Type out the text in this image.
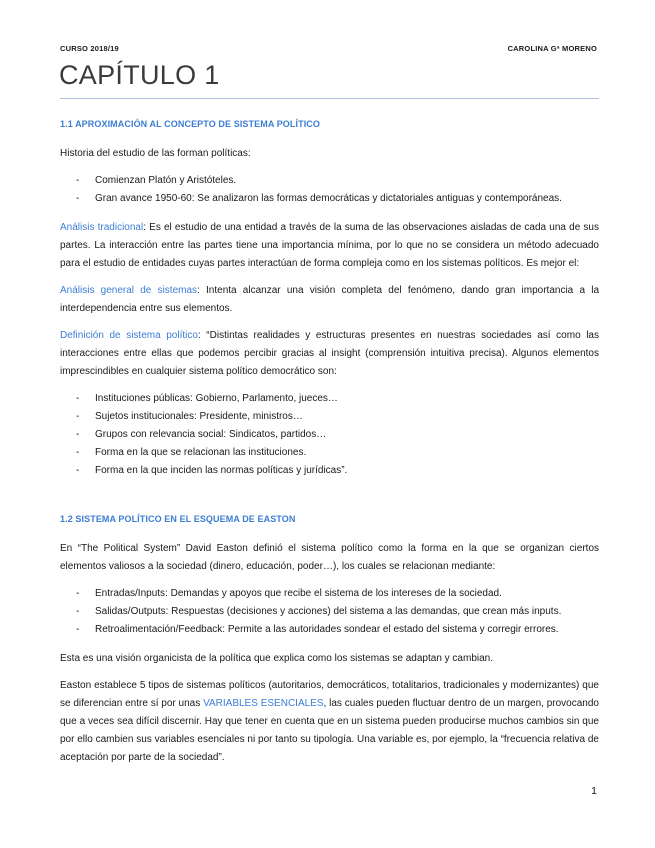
CURSO 2018/19	CAROLINA Gª MORENO
CAPÍTULO 1
1.1 APROXIMACIÓN AL CONCEPTO DE SISTEMA POLÍTICO

Historia del estudio de las forman políticas:

- Comienzan Platón y Aristóteles.
- Gran avance 1950-60: Se analizaron las formas democráticas y dictatoriales antiguas y contemporáneas.

Análisis tradicional: Es el estudio de una entidad a través de la suma de las observaciones aisladas de cada una de sus partes. La interacción entre las partes tiene una importancia mínima, por lo que no se considera un método adecuado para el estudio de entidades cuyas partes interactúan de forma compleja como en los sistemas políticos. Es mejor el:

Análisis general de sistemas: Intenta alcanzar una visión completa del fenómeno, dando gran importancia a la interdependencia entre sus elementos.

Definición de sistema político: “Distintas realidades y estructuras presentes en nuestras sociedades así como las interacciones entre ellas que podemos percibir gracias al insight (comprensión intuitiva precisa). Algunos elementos imprescindibles en cualquier sistema político democrático son:

- Instituciones públicas: Gobierno, Parlamento, jueces…
- Sujetos institucionales: Presidente, ministros…
- Grupos con relevancia social: Sindicatos, partidos…
- Forma en la que se relacionan las instituciones.
- Forma en la que inciden las normas políticas y jurídicas”.
1.2 SISTEMA POLÍTICO EN EL ESQUEMA DE EASTON

En “The Political System” David Easton definió el sistema político como la forma en la que se organizan ciertos elementos valiosos a la sociedad (dinero, educación, poder…), los cuales se relacionan mediante:

- Entradas/Inputs: Demandas y apoyos que recibe el sistema de los intereses de la sociedad.
- Salidas/Outputs: Respuestas (decisiones y acciones) del sistema a las demandas, que crean más inputs.
- Retroalimentación/Feedback: Permite a las autoridades sondear el estado del sistema y corregir errores.

Esta es una visión organicista de la política que explica como los sistemas se adaptan y cambian.

Easton establece 5 tipos de sistemas políticos (autoritarios, democráticos, totalitarios, tradicionales y modernizantes) que se diferencian entre sí por unas VARIABLES ESENCIALES, las cuales pueden fluctuar dentro de un margen, provocando que a veces sea difícil discernir. Hay que tener en cuenta que en un sistema pueden producirse muchos cambios sin que por ello cambien sus variables esenciales ni por tanto su tipología. Una variable es, por ejemplo, la “frecuencia relativa de aceptación por parte de la sociedad”.

1
